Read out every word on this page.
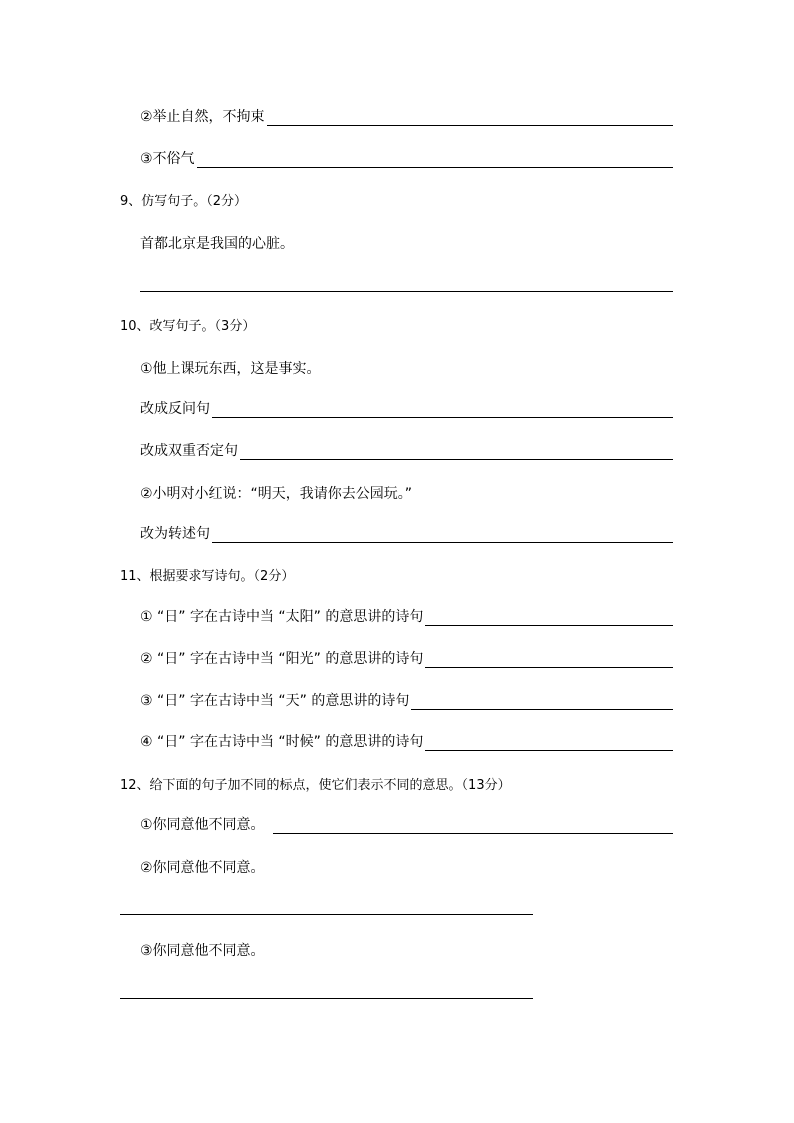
②举止自然，不拘束
③不俗气
9、仿写句子。（2分）
首都北京是我国的心脏。
10、改写句子。（3分）
①他上课玩东西，这是事实。
改成反问句
改成双重否定句
②小明对小红说：“明天，我请你去公园玩。”
改为转述句
11、根据要求写诗句。（2分）
① “日” 字在古诗中当 “太阳” 的意思讲的诗句
② “日” 字在古诗中当 “阳光” 的意思讲的诗句
③ “日” 字在古诗中当 “天” 的意思讲的诗句
④ “日” 字在古诗中当 “时候” 的意思讲的诗句
12、给下面的句子加不同的标点，使它们表示不同的意思。（13分）
①你同意他不同意。
②你同意他不同意。
③你同意他不同意。
